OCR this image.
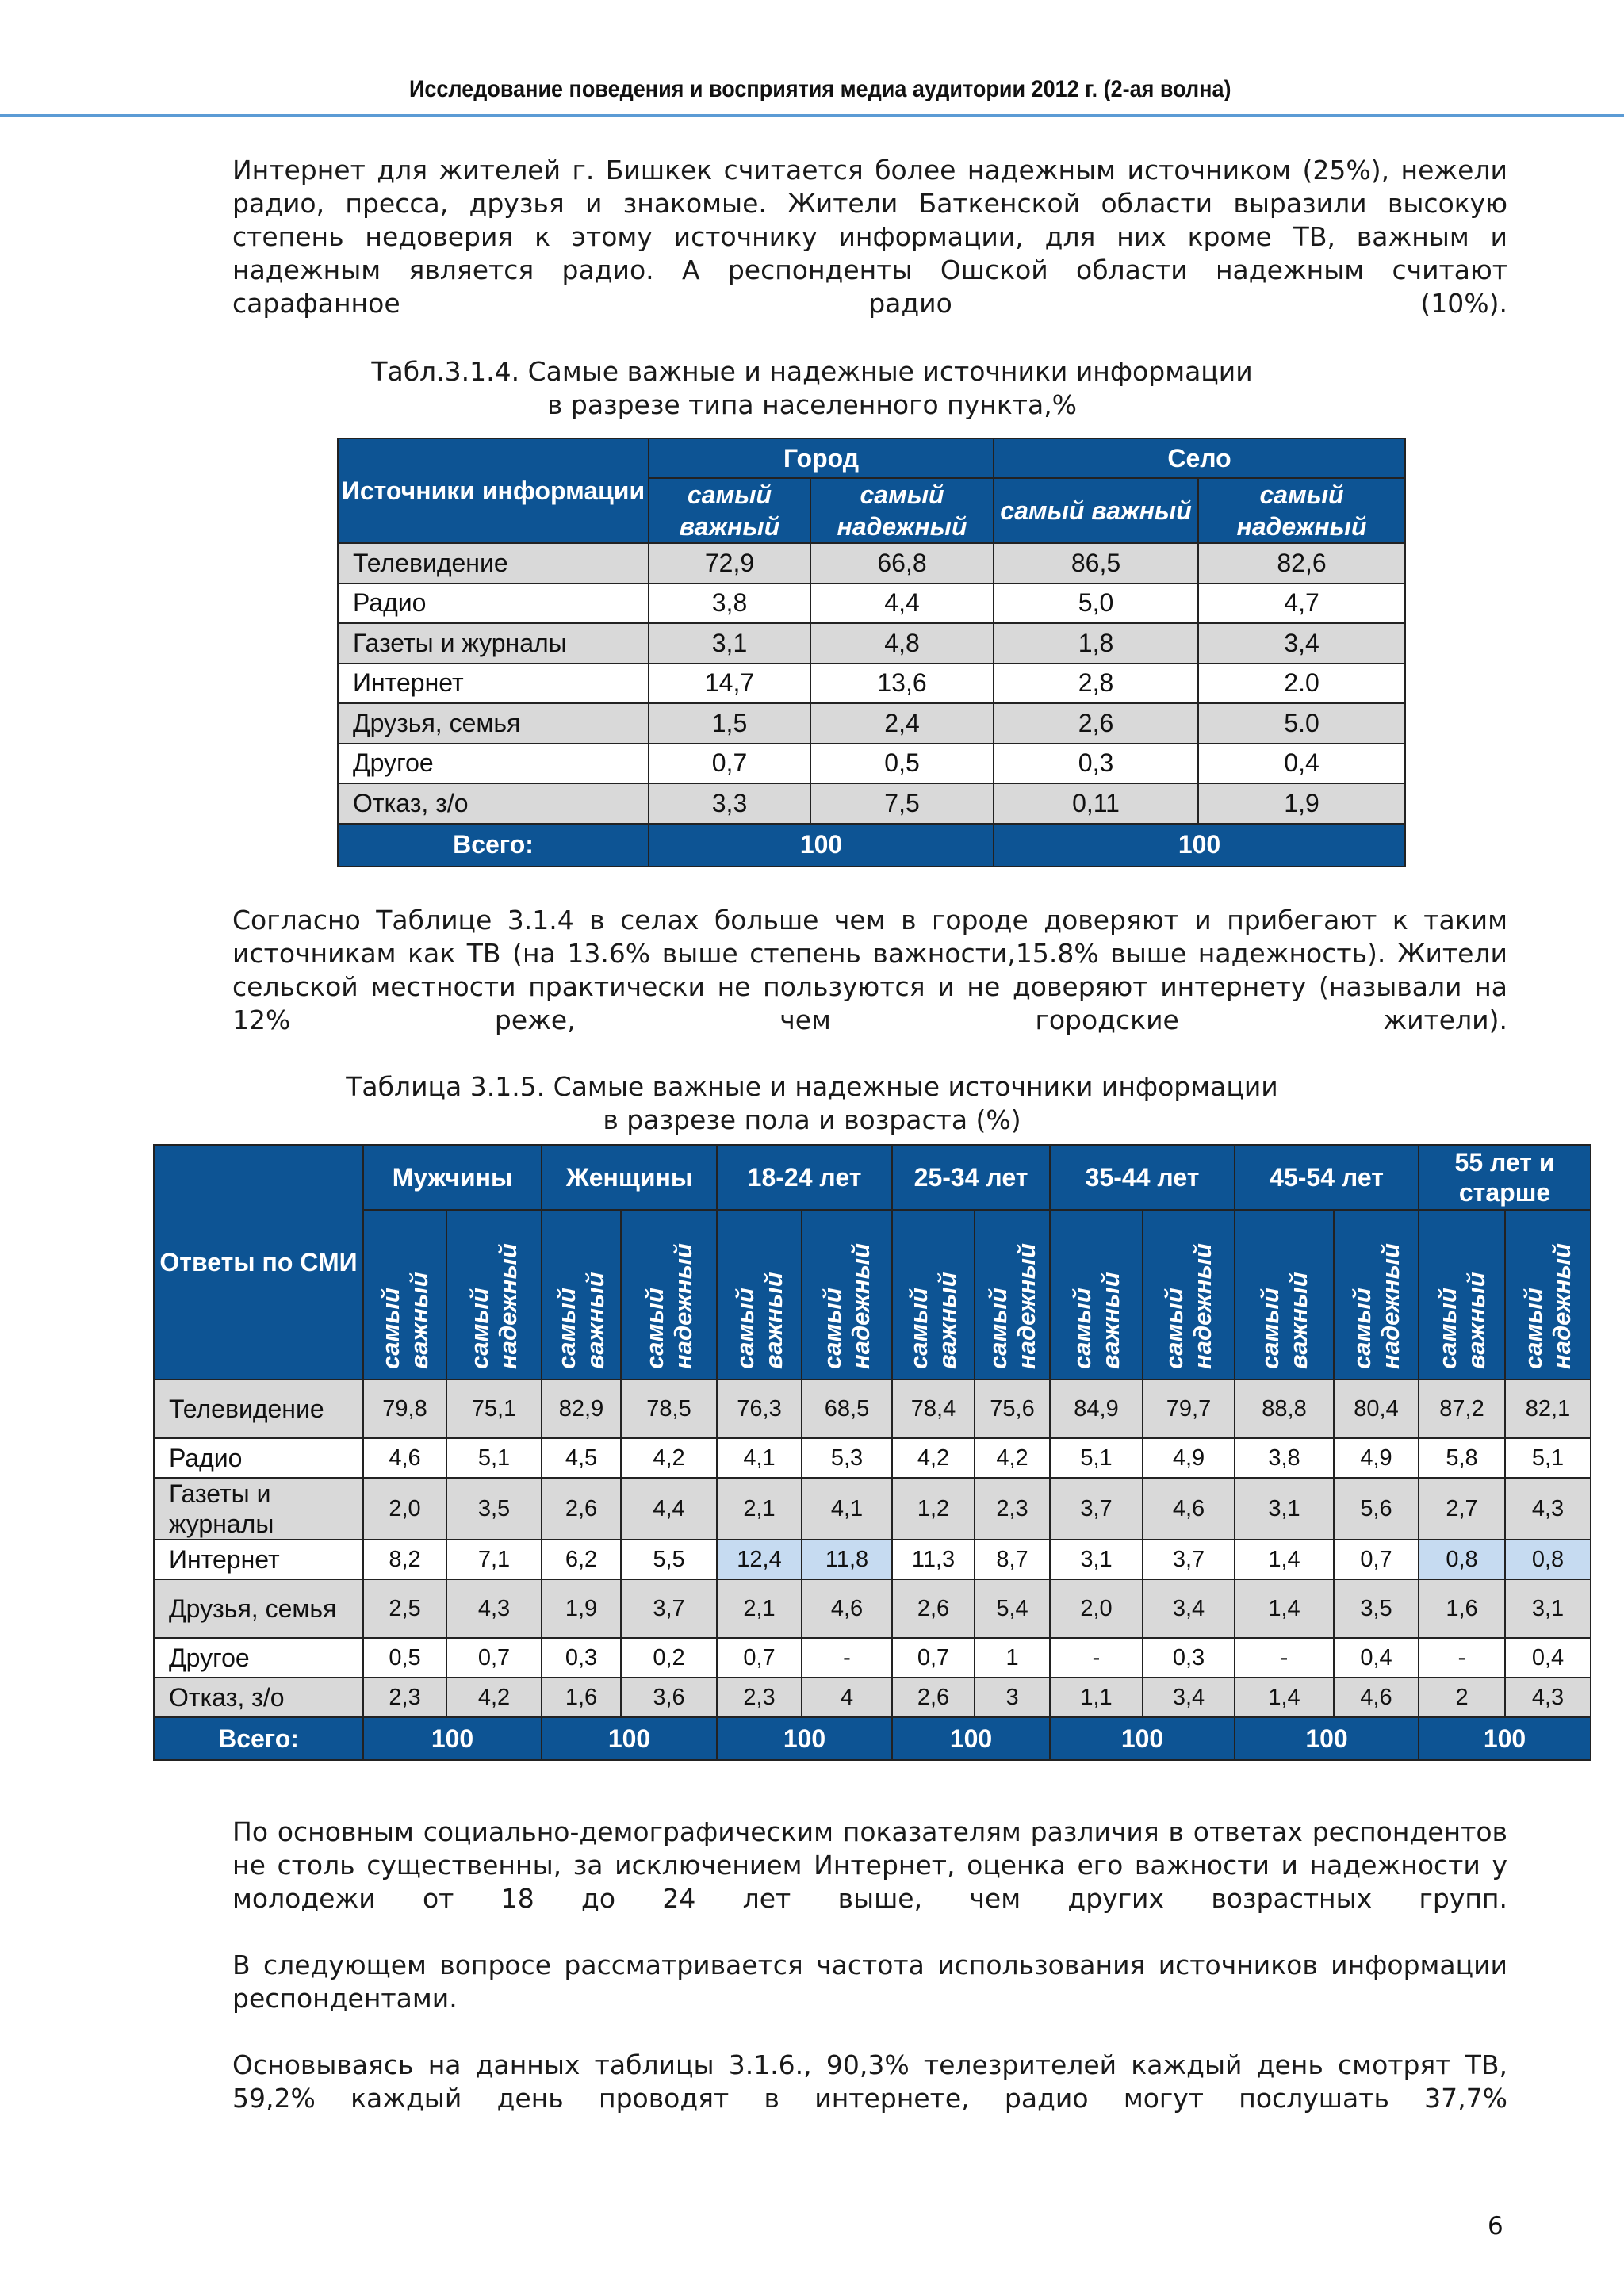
Исследование поведения и восприятия медиа аудитории 2012 г. (2-ая волна)

Интернет для жителей г. Бишкек считается более надежным источником (25%), нежели радио, пресса, друзья и знакомые. Жители Баткенской области выразили высокую степень недоверия к этому источнику информации, для них кроме ТВ, важным и надежным является радио. А респонденты Ошской области надежным считают сарафанное радио (10%).

Табл.3.1.4. Самые важные и надежные источники информации
в разрезе типа населенного пункта,%
Источники информации	Город		Село	
	самый важный	самый надежный	самый важный	самый надежный
Телевидение	72,9	66,8	86,5	82,6
Радио	3,8	4,4	5,0	4,7
Газеты и журналы	3,1	4,8	1,8	3,4
Интернет	14,7	13,6	2,8	2.0
Друзья, семья	1,5	2,4	2,6	5.0
Другое	0,7	0,5	0,3	0,4
Отказ, з/о	3,3	7,5	0,11	1,9
Всего:	100		100	

Согласно Таблице 3.1.4 в селах больше чем в городе доверяют и прибегают к таким источникам как ТВ (на 13.6% выше степень важности,15.8% выше надежность). Жители сельской местности практически не пользуются и не доверяют интернету (называли на 12% реже, чем городские жители).

Таблица 3.1.5. Самые важные и надежные источники информации
в разрезе пола и возраста (%)
Ответы по СМИ	Мужчины		Женщины		18-24 лет		25-34 лет		35-44 лет		45-54 лет		55 лет и старше	
	самый важный	самый надежный	самый важный	самый надежный	самый важный	самый надежный	самый важный	самый надежный	самый важный	самый надежный	самый важный	самый надежный	самый важный	самый надежный
Телевидение	79,8	75,1	82,9	78,5	76,3	68,5	78,4	75,6	84,9	79,7	88,8	80,4	87,2	82,1
Радио	4,6	5,1	4,5	4,2	4,1	5,3	4,2	4,2	5,1	4,9	3,8	4,9	5,8	5,1
Газеты и журналы	2,0	3,5	2,6	4,4	2,1	4,1	1,2	2,3	3,7	4,6	3,1	5,6	2,7	4,3
Интернет	8,2	7,1	6,2	5,5	12,4	11,8	11,3	8,7	3,1	3,7	1,4	0,7	0,8	0,8
Друзья, семья	2,5	4,3	1,9	3,7	2,1	4,6	2,6	5,4	2,0	3,4	1,4	3,5	1,6	3,1
Другое	0,5	0,7	0,3	0,2	0,7	-	0,7	1	-	0,3	-	0,4	-	0,4
Отказ, з/о	2,3	4,2	1,6	3,6	2,3	4	2,6	3	1,1	3,4	1,4	4,6	2	4,3
Всего:	100		100		100		100		100		100		100	

По основным социально-демографическим показателям различия в ответах респондентов не столь существенны, за исключением Интернет, оценка его важности и надежности у молодежи от 18 до 24 лет выше, чем других возрастных групп.

В следующем вопросе рассматривается частота использования источников информации респондентами.

Основываясь на данных таблицы 3.1.6., 90,3% телезрителей каждый день смотрят ТВ, 59,2% каждый день проводят в интернете, радио могут послушать 37,7%

6
